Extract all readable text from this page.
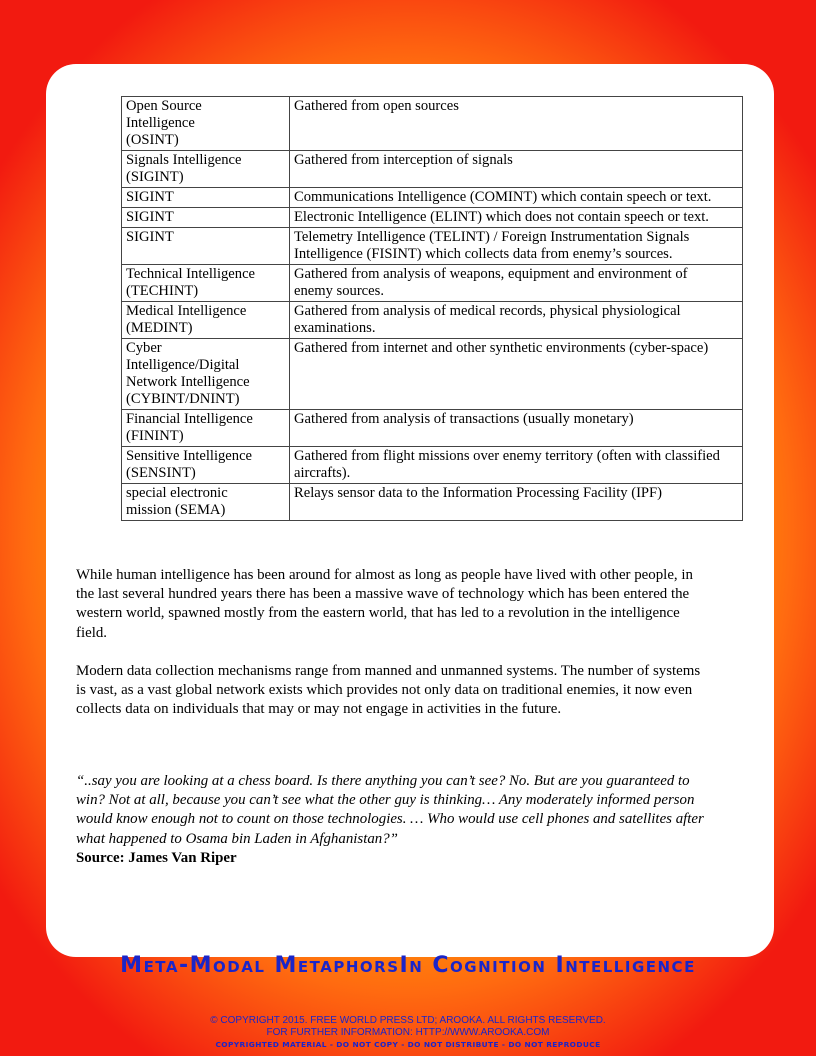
Open Source Intelligence (OSINT)	Gathered from open sources
Signals Intelligence (SIGINT)	Gathered from interception of signals
SIGINT	Communications Intelligence (COMINT) which contain speech or text.
SIGINT	Electronic Intelligence (ELINT) which does not contain speech or text.
SIGINT	Telemetry Intelligence (TELINT) / Foreign Instrumentation Signals Intelligence (FISINT) which collects data from enemy’s sources.
Technical Intelligence (TECHINT)	Gathered from analysis of weapons, equipment and environment of enemy sources.
Medical Intelligence (MEDINT)	Gathered from analysis of medical records, physical physiological examinations.
Cyber Intelligence/Digital Network Intelligence (CYBINT/DNINT)	Gathered from internet and other synthetic environments (cyber-space)
Financial Intelligence (FININT)	Gathered from analysis of transactions (usually monetary)
Sensitive Intelligence (SENSINT)	Gathered from flight missions over enemy territory (often with classified aircrafts).
special electronic mission (SEMA)	Relays sensor data to the Information Processing Facility (IPF)

While human intelligence has been around for almost as long as people have lived with other people, in the last several hundred years there has been a massive wave of technology which has been entered the western world, spawned mostly from the eastern world, that has led to a revolution in the intelligence field.

Modern data collection mechanisms range from manned and unmanned systems. The number of systems is vast, as a vast global network exists which provides not only data on traditional enemies, it now even collects data on individuals that may or may not engage in activities in the future.

“..say you are looking at a chess board. Is there anything you can’t see? No. But are you guaranteed to win? Not at all, because you can’t see what the other guy is thinking… Any moderately informed person would know enough not to count on those technologies. … Who would use cell phones and satellites after what happened to Osama bin Laden in Afghanistan?”
Source: James Van Riper
Meta-Modal MetaphorsIn Cognition Intelligence
© COPYRIGHT 2015. FREE WORLD PRESS LTD; AROOKA. ALL RIGHTS RESERVED.
FOR FURTHER INFORMATION: HTTP://WWW.AROOKA.COM
COPYRIGHTED MATERIAL - DO NOT COPY - DO NOT DISTRIBUTE - DO NOT REPRODUCE
